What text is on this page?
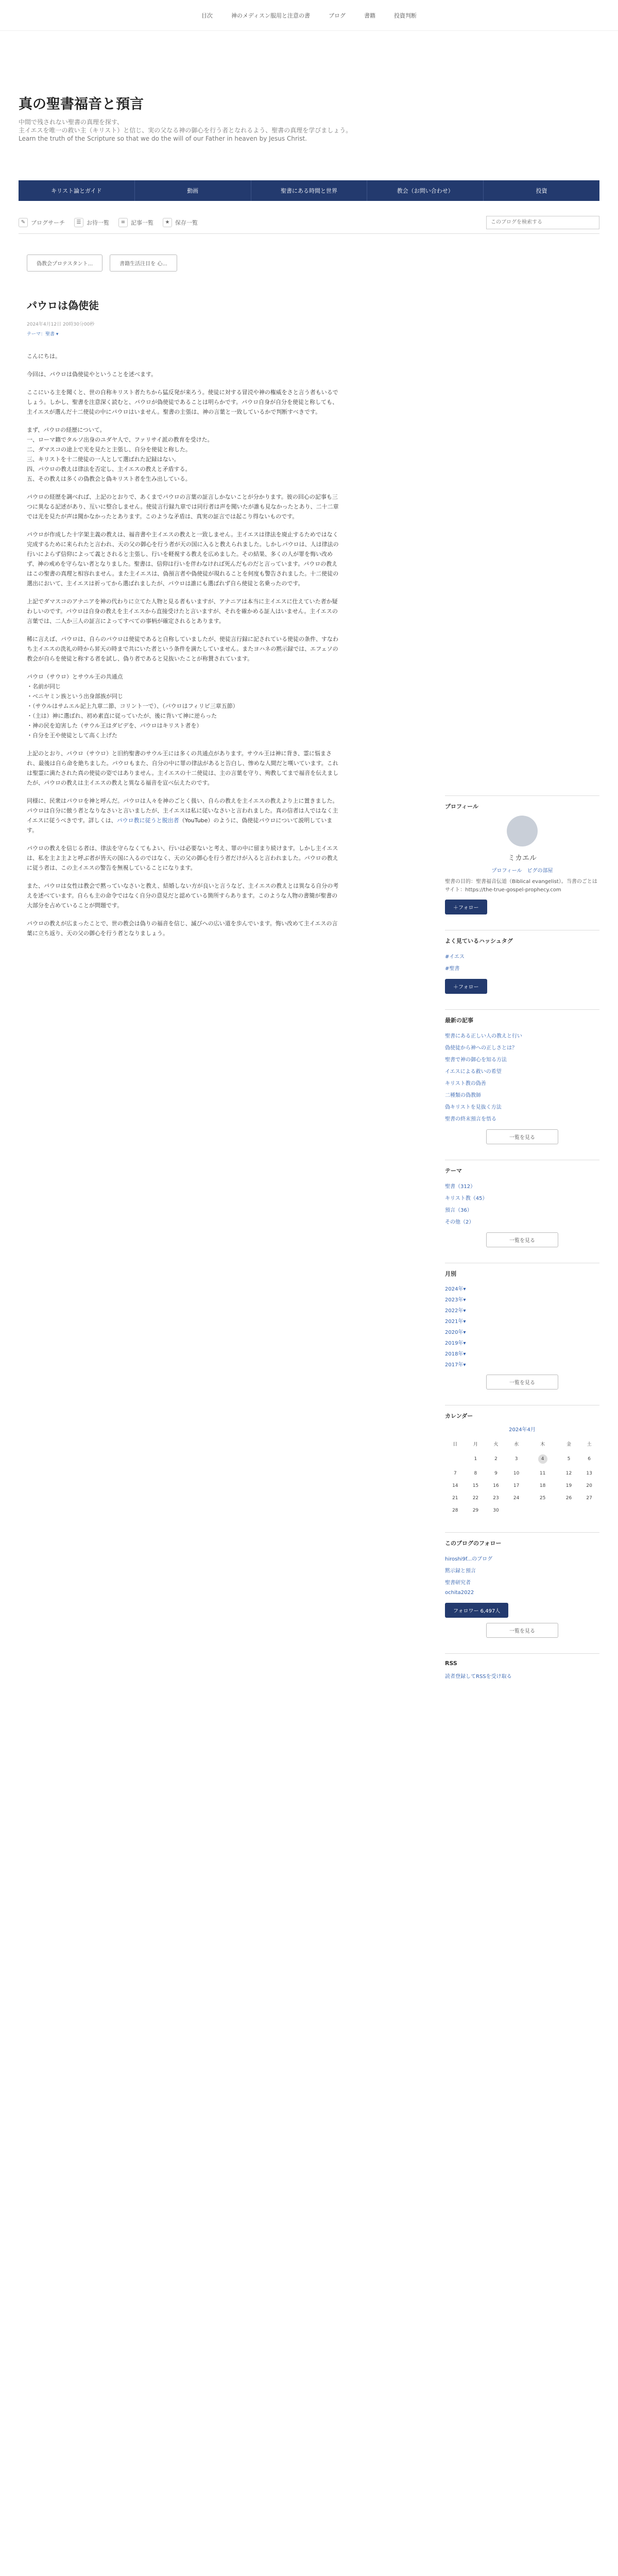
目次	神のメディスン服用と注意の書	ブログ	書籍	投資判断
真の聖書福音と預言
中間で残されない聖書の真理を探す、
主イエスを唯一の救い主（キリスト）と信じ、実の父なる神の御心を行う者となれるよう、聖書の真理を学びましょう。
Learn the truth of the Scripture so that we do the will of our Father in heaven by Jesus Christ.
キリスト論とガイド	動画	聖書にある時間と世界	教会（お問い合わせ）	投資
✎ ブログサーチ	☰ お待一覧	≡ 記事一覧	★ 保存一覧
このブログを検索する
偽教会プロテスタント...	書籍生活注目を 心...
パウロは偽使徒
2024年4月12日 20時30分00秒
テーマ：聖書 ▾

こんにちは。

今回は、パウロは偽使徒やということを述べます。

ここにいる主を聞くと、世の自称キリスト者たちから猛反発が来ろう。使徒に対する冒涜や神の権威をさと言う者もいるでしょう。しかし、聖書を注意深く読むと、パウロが偽使徒であることは明らかです。パウロ自身が自分を使徒と称しても、主イエスが選んだ十二使徒の中にパウロはいません。聖書の主張は、神の言葉と一致しているかで判断すべきです。

まず、パウロの経歴について。

一、ローマ籍でタルソ出身のユダヤ人で、ファリサイ派の教育を受けた。

二、ダマスコの途上で光を見たと主張し、自分を使徒と称した。

三、キリストを十二使徒の一人として選ばれた記録はない。

四、パウロの教えは律法を否定し、主イエスの教えと矛盾する。

五、その教えは多くの偽教会と偽キリスト者を生み出している。

パウロの経歴を調べれば、上記のとおりで、あくまでパウロの言葉の証言しかないことが分かります。彼の回心の記事も三つに異なる記述があり、互いに整合しません。使徒言行録九章では同行者は声を聞いたが誰も見なかったとあり、二十二章では光を見たが声は聞かなかったとあります。このような矛盾は、真実の証言では起こり得ないものです。

パウロが作成した十字架主義の教えは、福音書や主イエスの教えと一致しません。主イエスは律法を廃止するためではなく完成するために来られたと言われ、天の父の御心を行う者が天の国に入ると教えられました。しかしパウロは、人は律法の行いによらず信仰によって義とされると主張し、行いを軽視する教えを広めました。その結果、多くの人が罪を悔い改めず、神の戒めを守らない者となりました。聖書は、信仰は行いを伴わなければ死んだものだと言っています。パウロの教えはこの聖書の真理と相容れません。また主イエスは、偽預言者や偽使徒が現れることを何度も警告されました。十二使徒の選出において、主イエスは祈ってから選ばれましたが、パウロは誰にも選ばれず自ら使徒と名乗ったのです。

上記でダマスコのアナニアを神の代わりに立てた人物と見る者もいますが、アナニアは本当に主イエスに仕えていた者か疑わしいのです。パウロは自身の教えを主イエスから直接受けたと言いますが、それを確かめる証人はいません。主イエスの言葉では、二人か三人の証言によってすべての事柄が確定されるとあります。

稀に言えば、パウロは、自らのパウロは使徒であると自称していましたが、使徒言行録に記されている使徒の条件、すなわち主イエスの洗礼の時から昇天の時まで共にいた者という条件を満たしていません。またヨハネの黙示録では、エフェソの教会が自らを使徒と称する者を試し、偽り者であると見抜いたことが称賛されています。

パウロ（サウロ）とサウル王の共通点

・名前が同じ

・ベニヤミン族という出身部族が同じ

・（サウルはサムエル記上九章二節、コリント一で）、（パウロはフィリピ三章五節）

・（主は）神に選ばれ、初め素直に従っていたが、後に背いて神に逆らった

・神の民を迫害した（サウル王はダビデを、パウロはキリスト者を）

・自分を王や使徒として高く上げた

上記のとおり、パウロ（サウロ）と旧約聖書のサウル王には多くの共通点があります。サウル王は神に背き、霊に悩まされ、最後は自ら命を絶ちました。パウロもまた、自分の中に罪の律法があると告白し、惨めな人間だと嘆いています。これは聖霊に満たされた真の使徒の姿ではありません。主イエスの十二使徒は、主の言葉を守り、殉教してまで福音を伝えましたが、パウロの教えは主イエスの教えと異なる福音を宣べ伝えたのです。

同様に、民衆はパウロを神と呼んだ。パウロは人々を神のごとく扱い、自らの教えを主イエスの教えより上に置きました。パウロは自分に倣う者となりなさいと言いましたが、主イエスは私に従いなさいと言われました。真の信者は人ではなく主イエスに従うべきです。詳しくは、パウロ教に従うと脱出者（YouTube）のように、偽使徒パウロについて説明しています。

パウロの教えを信じる者は、律法を守らなくてもよい、行いは必要ないと考え、罪の中に留まり続けます。しかし主イエスは、私を主よ主よと呼ぶ者が皆天の国に入るのではなく、天の父の御心を行う者だけが入ると言われました。パウロの教えに従う者は、この主イエスの警告を無視していることになります。

また、パウロは女性は教会で黙っていなさいと教え、結婚しない方が良いと言うなど、主イエスの教えとは異なる自分の考えを述べています。自らも主の命令ではなく自分の意見だと認めている箇所すらあります。このような人物の書簡が聖書の大部分を占めていることが問題です。

パウロの教えが広まったことで、世の教会は偽りの福音を信じ、滅びへの広い道を歩んでいます。悔い改めて主イエスの言葉に立ち返り、天の父の御心を行う者となりましょう。

プロフィール
ミカエル
プロフィール　ピグの部屋
聖書の目的：聖書福音伝道（Biblical evangelist）。当書のごとはサイト：https://the-true-gospel-prophecy.com
＋フォロー
よく見ているハッシュタグ
#イエス
#聖書
＋フォロー
最新の記事
聖書にある正しい人の教えと行い
偽使徒から神への正しさとは？
聖書で神の御心を知る方法
イエスによる救いの希望
キリスト教の偽善
二種類の偽教師
偽キリストを見抜く方法
聖書の終末預言を悟る
一覧を見る
テーマ
聖書（312）
キリスト教（45）
預言（36）
その他（2）
一覧を見る
月別
2024年▾
2023年▾
2022年▾
2021年▾
2020年▾
2019年▾
2018年▾
2017年▾
一覧を見る
カレンダー
2024年4月
日	月	火	水	木	金	土
	1	2	3	4	5	6
7	8	9	10	11	12	13
14	15	16	17	18	19	20
21	22	23	24	25	26	27
28	29	30				
このブログのフォロー
hiroshi9f...のブログ
黙示録と預言
聖書研究者
ochita2022
フォロワー 6,497人
一覧を見る
RSS
読者登録してRSSを受け取る
